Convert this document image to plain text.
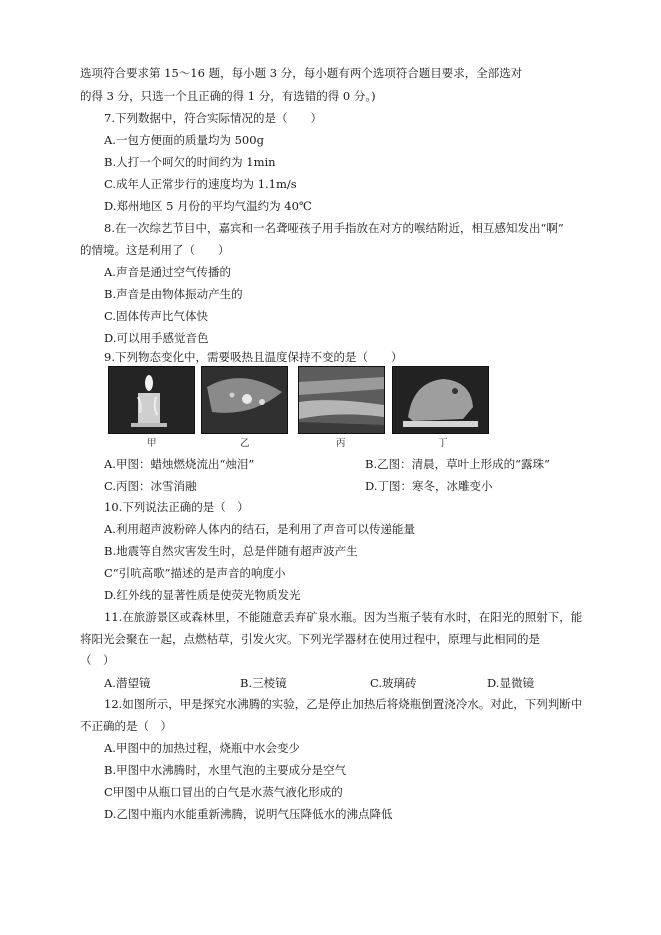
选项符合要求第 15～16 题，每小题 3 分，每小题有两个选项符合题目要求，全部选对
的得 3 分，只选一个且正确的得 1 分，有选错的得 0 分。)
7.下列数据中，符合实际情况的是（　　）
A.一包方便面的质量均为 500g
B.人打一个呵欠的时间约为 1min
C.成年人正常步行的速度均为 1.1m/s
D.郑州地区 5 月份的平均气温约为 40℃
8.在一次综艺节目中，嘉宾和一名聋哑孩子用手指放在对方的喉结附近，相互感知发出“啊”
的情境。这是利用了（　　）
A.声音是通过空气传播的
B.声音是由物体振动产生的
C.固体传声比气体快
D.可以用手感觉音色
9.下列物态变化中，需要吸热且温度保持不变的是（　　）
甲	乙	丙	丁
A.甲图：蜡烛燃烧流出“烛泪”	B.乙图：清晨，草叶上形成的“露珠”
C.丙图：冰雪消融	D.丁图：寒冬，冰雕变小
10.下列说法正确的是（　）
A.利用超声波粉碎人体内的结石，是利用了声音可以传递能量
B.地震等自然灾害发生时，总是伴随有超声波产生
C“引吭高歌”描述的是声音的响度小
D.红外线的显著性质是使荧光物质发光
11.在旅游景区或森林里，不能随意丢弃矿泉水瓶。因为当瓶子装有水时，在阳光的照射下，能
将阳光会聚在一起，点燃枯草，引发火灾。下列光学器材在使用过程中，原理与此相同的是
（　）
A.潜望镜	B.三棱镜	C.玻璃砖	D.显微镜
12.如图所示，甲是探究水沸腾的实验，乙是停止加热后将烧瓶倒置浇冷水。对此，下列判断中
不正确的是（　）
A.甲图中的加热过程，烧瓶中水会变少
B.甲图中水沸腾时，水里气泡的主要成分是空气
C甲图中从瓶口冒出的白气是水蒸气液化形成的
D.乙图中瓶内水能重新沸腾，说明气压降低水的沸点降低
